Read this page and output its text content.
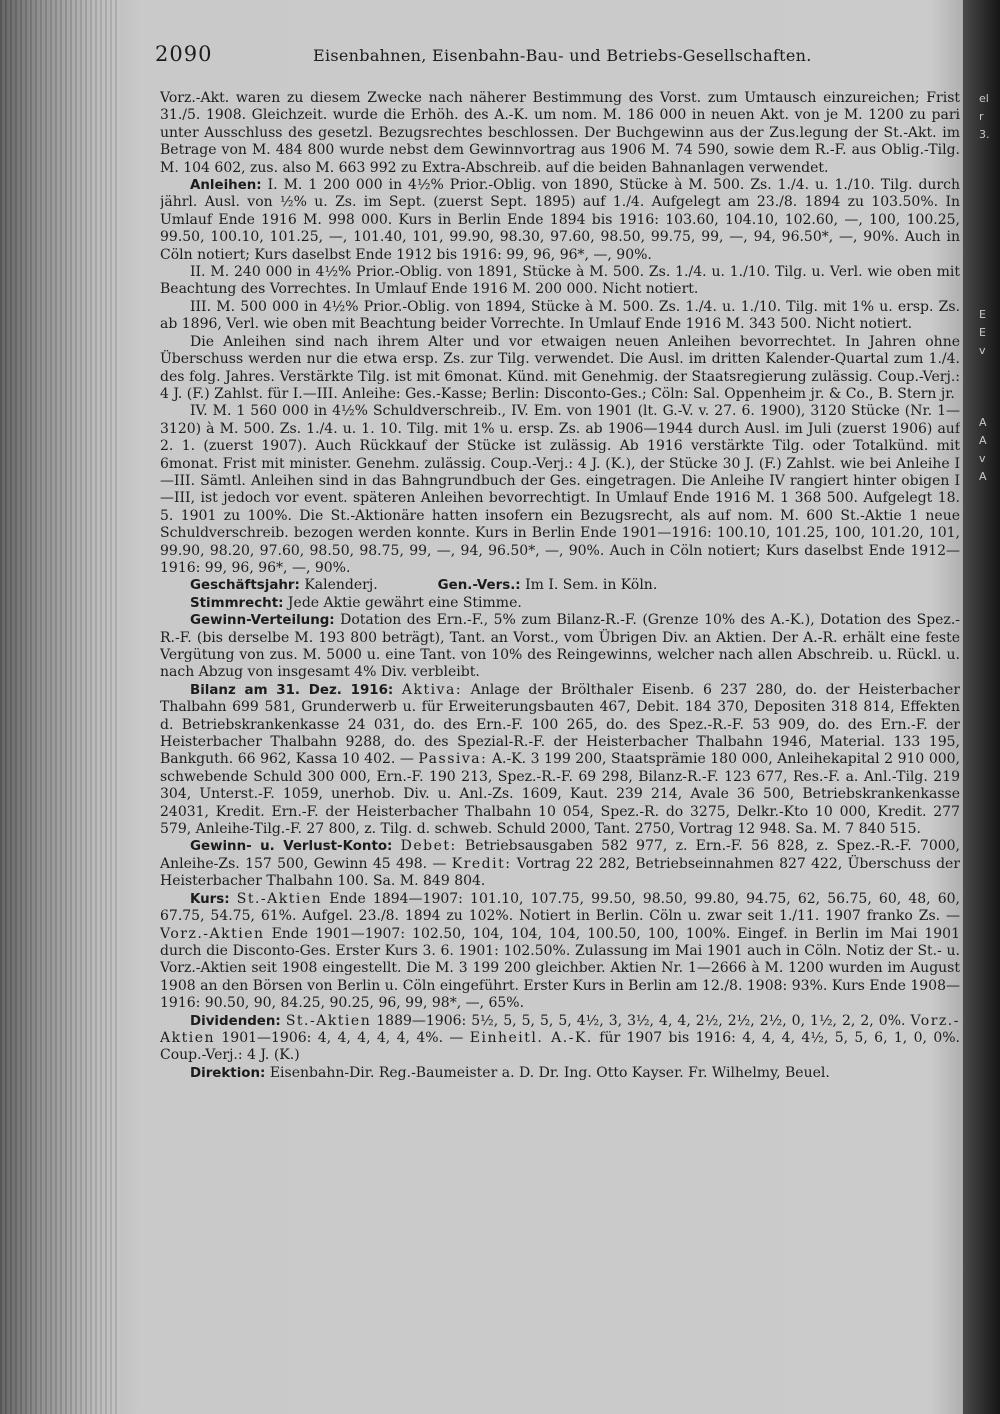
el
r
3.
E
E
v
A
A
v
A
2090	Eisenbahnen, Eisenbahn-Bau- und Betriebs-Gesellschaften.

Vorz.-Akt. waren zu diesem Zwecke nach näherer Bestimmung des Vorst. zum Umtausch einzureichen; Frist 31./5. 1908. Gleichzeit. wurde die Erhöh. des A.-K. um nom. M. 186 000 in neuen Akt. von je M. 1200 zu pari unter Ausschluss des gesetzl. Bezugsrechtes beschlossen. Der Buchgewinn aus der Zus.legung der St.-Akt. im Betrage von M. 484 800 wurde nebst dem Gewinnvortrag aus 1906 M. 74 590, sowie dem R.-F. aus Oblig.-Tilg. M. 104 602, zus. also M. 663 992 zu Extra-Abschreib. auf die beiden Bahnanlagen verwendet.

Anleihen: I. M. 1 200 000 in 4½% Prior.-Oblig. von 1890, Stücke à M. 500. Zs. 1./4. u. 1./10. Tilg. durch jährl. Ausl. von ½% u. Zs. im Sept. (zuerst Sept. 1895) auf 1./4. Aufgelegt am 23./8. 1894 zu 103.50%. In Umlauf Ende 1916 M. 998 000. Kurs in Berlin Ende 1894 bis 1916: 103.60, 104.10, 102.60, —, 100, 100.25, 99.50, 100.10, 101.25, —, 101.40, 101, 99.90, 98.30, 97.60, 98.50, 99.75, 99, —, 94, 96.50*, —, 90%. Auch in Cöln notiert; Kurs daselbst Ende 1912 bis 1916: 99, 96, 96*, —, 90%.

II. M. 240 000 in 4½% Prior.-Oblig. von 1891, Stücke à M. 500. Zs. 1./4. u. 1./10. Tilg. u. Verl. wie oben mit Beachtung des Vorrechtes. In Umlauf Ende 1916 M. 200 000. Nicht notiert.

III. M. 500 000 in 4½% Prior.-Oblig. von 1894, Stücke à M. 500. Zs. 1./4. u. 1./10. Tilg. mit 1% u. ersp. Zs. ab 1896, Verl. wie oben mit Beachtung beider Vorrechte. In Umlauf Ende 1916 M. 343 500. Nicht notiert.

Die Anleihen sind nach ihrem Alter und vor etwaigen neuen Anleihen bevorrechtet. In Jahren ohne Überschuss werden nur die etwa ersp. Zs. zur Tilg. verwendet. Die Ausl. im dritten Kalender-Quartal zum 1./4. des folg. Jahres. Verstärkte Tilg. ist mit 6monat. Künd. mit Genehmig. der Staatsregierung zulässig. Coup.-Verj.: 4 J. (F.) Zahlst. für I.—III. Anleihe: Ges.-Kasse; Berlin: Disconto-Ges.; Cöln: Sal. Oppenheim jr. & Co., B. Stern jr.

IV. M. 1 560 000 in 4½% Schuldverschreib., IV. Em. von 1901 (lt. G.-V. v. 27. 6. 1900), 3120 Stücke (Nr. 1—3120) à M. 500. Zs. 1./4. u. 1. 10. Tilg. mit 1% u. ersp. Zs. ab 1906—1944 durch Ausl. im Juli (zuerst 1906) auf 2. 1. (zuerst 1907). Auch Rückkauf der Stücke ist zulässig. Ab 1916 verstärkte Tilg. oder Totalkünd. mit 6monat. Frist mit minister. Genehm. zulässig. Coup.-Verj.: 4 J. (K.), der Stücke 30 J. (F.) Zahlst. wie bei Anleihe I—III. Sämtl. Anleihen sind in das Bahngrundbuch der Ges. eingetragen. Die Anleihe IV rangiert hinter obigen I—III, ist jedoch vor event. späteren Anleihen bevorrechtigt. In Umlauf Ende 1916 M. 1 368 500. Aufgelegt 18. 5. 1901 zu 100%. Die St.-Aktionäre hatten insofern ein Bezugsrecht, als auf nom. M. 600 St.-Aktie 1 neue Schuldverschreib. bezogen werden konnte. Kurs in Berlin Ende 1901—1916: 100.10, 101.25, 100, 101.20, 101, 99.90, 98.20, 97.60, 98.50, 98.75, 99, —, 94, 96.50*, —, 90%. Auch in Cöln notiert; Kurs daselbst Ende 1912—1916: 99, 96, 96*, —, 90%.

Geschäftsjahr: Kalenderj.	Gen.-Vers.: Im I. Sem. in Köln.

Stimmrecht: Jede Aktie gewährt eine Stimme.

Gewinn-Verteilung: Dotation des Ern.-F., 5% zum Bilanz-R.-F. (Grenze 10% des A.-K.), Dotation des Spez.-R.-F. (bis derselbe M. 193 800 beträgt), Tant. an Vorst., vom Übrigen Div. an Aktien. Der A.-R. erhält eine feste Vergütung von zus. M. 5000 u. eine Tant. von 10% des Reingewinns, welcher nach allen Abschreib. u. Rückl. u. nach Abzug von insgesamt 4% Div. verbleibt.

Bilanz am 31. Dez. 1916: Aktiva: Anlage der Brölthaler Eisenb. 6 237 280, do. der Heisterbacher Thalbahn 699 581, Grunderwerb u. für Erweiterungsbauten 467, Debit. 184 370, Depositen 318 814, Effekten d. Betriebskrankenkasse 24 031, do. des Ern.-F. 100 265, do. des Spez.-R.-F. 53 909, do. des Ern.-F. der Heisterbacher Thalbahn 9288, do. des Spezial-R.-F. der Heisterbacher Thalbahn 1946, Material. 133 195, Bankguth. 66 962, Kassa 10 402. — Passiva: A.-K. 3 199 200, Staatsprämie 180 000, Anleihekapital 2 910 000, schwebende Schuld 300 000, Ern.-F. 190 213, Spez.-R.-F. 69 298, Bilanz-R.-F. 123 677, Res.-F. a. Anl.-Tilg. 219 304, Unterst.-F. 1059, unerhob. Div. u. Anl.-Zs. 1609, Kaut. 239 214, Avale 36 500, Betriebskrankenkasse 24031, Kredit. Ern.-F. der Heisterbacher Thalbahn 10 054, Spez.-R. do 3275, Delkr.-Kto 10 000, Kredit. 277 579, Anleihe-Tilg.-F. 27 800, z. Tilg. d. schweb. Schuld 2000, Tant. 2750, Vortrag 12 948. Sa. M. 7 840 515.

Gewinn- u. Verlust-Konto: Debet: Betriebsausgaben 582 977, z. Ern.-F. 56 828, z. Spez.-R.-F. 7000, Anleihe-Zs. 157 500, Gewinn 45 498. — Kredit: Vortrag 22 282, Betriebseinnahmen 827 422, Überschuss der Heisterbacher Thalbahn 100. Sa. M. 849 804.

Kurs: St.-Aktien Ende 1894—1907: 101.10, 107.75, 99.50, 98.50, 99.80, 94.75, 62, 56.75, 60, 48, 60, 67.75, 54.75, 61%. Aufgel. 23./8. 1894 zu 102%. Notiert in Berlin. Cöln u. zwar seit 1./11. 1907 franko Zs. — Vorz.-Aktien Ende 1901—1907: 102.50, 104, 104, 104, 100.50, 100, 100%. Eingef. in Berlin im Mai 1901 durch die Disconto-Ges. Erster Kurs 3. 6. 1901: 102.50%. Zulassung im Mai 1901 auch in Cöln. Notiz der St.- u. Vorz.-Aktien seit 1908 eingestellt. Die M. 3 199 200 gleichber. Aktien Nr. 1—2666 à M. 1200 wurden im August 1908 an den Börsen von Berlin u. Cöln eingeführt. Erster Kurs in Berlin am 12./8. 1908: 93%. Kurs Ende 1908—1916: 90.50, 90, 84.25, 90.25, 96, 99, 98*, —, 65%.

Dividenden: St.-Aktien 1889—1906: 5½, 5, 5, 5, 5, 4½, 3, 3½, 4, 4, 2½, 2½, 2½, 0, 1½, 2, 2, 0%. Vorz.-Aktien 1901—1906: 4, 4, 4, 4, 4, 4%. — Einheitl. A.-K. für 1907 bis 1916: 4, 4, 4, 4½, 5, 5, 6, 1, 0, 0%. Coup.-Verj.: 4 J. (K.)

Direktion: Eisenbahn-Dir. Reg.-Baumeister a. D. Dr. Ing. Otto Kayser. Fr. Wilhelmy, Beuel.
